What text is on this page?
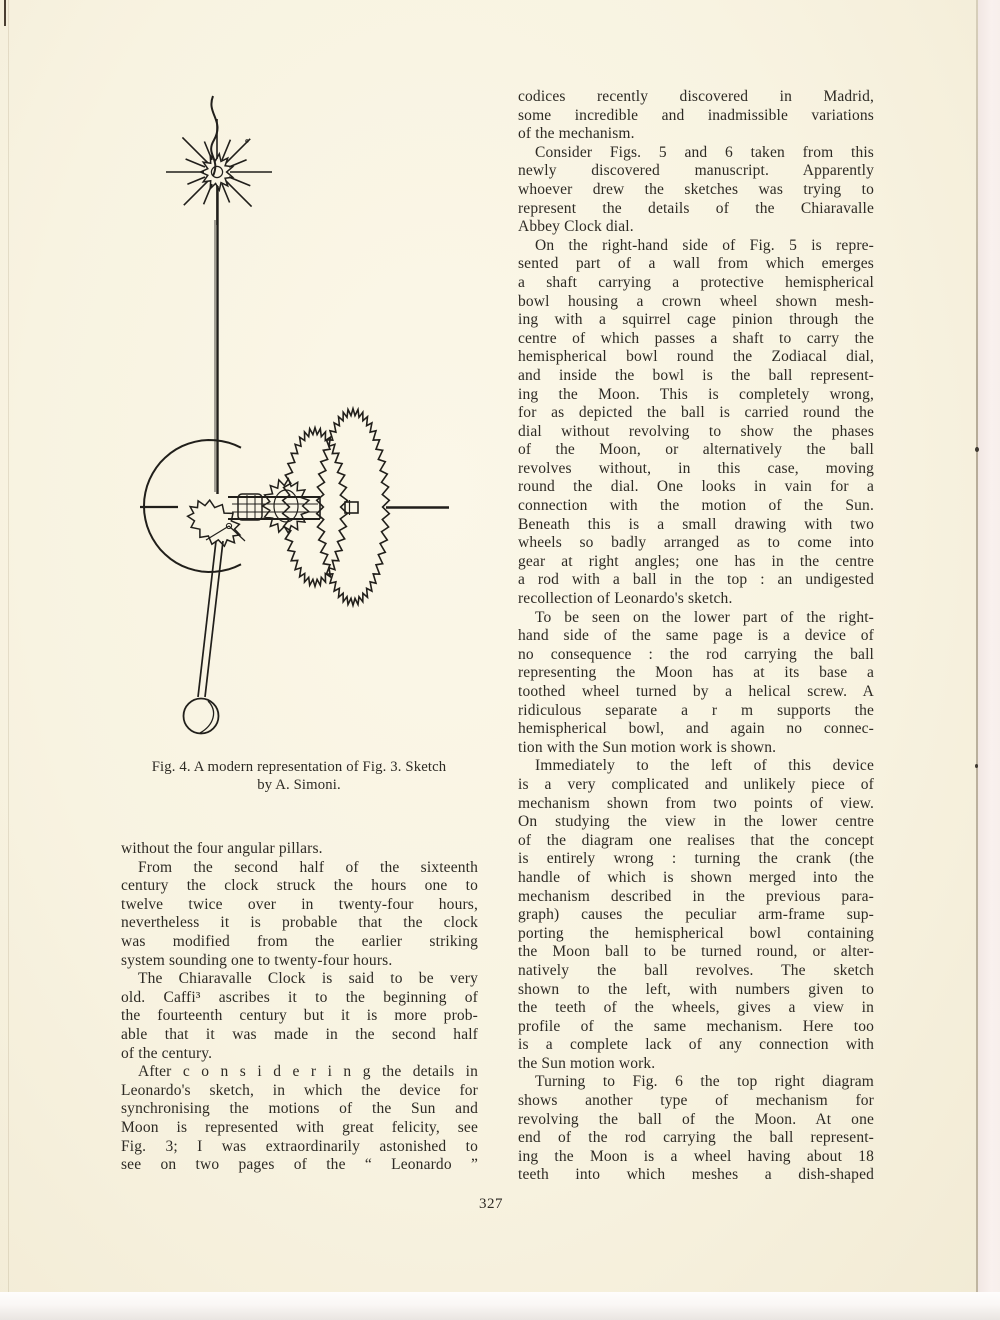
Fig. 4. A modern representation of Fig. 3. Sketch
by A. Simoni.
without the four angular pillars.
From the second half of the sixteenth
century the clock struck the hours one to
twelve twice over in twenty-four hours,
nevertheless it is probable that the clock
was modified from the earlier striking
system sounding one to twenty-four hours.
The Chiaravalle Clock is said to be very
old. Caffi³ ascribes it to the beginning of
the fourteenth century but it is more prob-
able that it was made in the second half
of the century.
After c o n s i d e r i n g the details in
Leonardo's sketch, in which the device for
synchronising the motions of the Sun and
Moon is represented with great felicity, see
Fig. 3; I was extraordinarily astonished to
see on two pages of the “ Leonardo ”
codices recently discovered in Madrid,
some incredible and inadmissible variations
of the mechanism.
Consider Figs. 5 and 6 taken from this
newly discovered manuscript. Apparently
whoever drew the sketches was trying to
represent the details of the Chiaravalle
Abbey Clock dial.
On the right-hand side of Fig. 5 is repre-
sented part of a wall from which emerges
a shaft carrying a protective hemispherical
bowl housing a crown wheel shown mesh-
ing with a squirrel cage pinion through the
centre of which passes a shaft to carry the
hemispherical bowl round the Zodiacal dial,
and inside the bowl is the ball represent-
ing the Moon. This is completely wrong,
for as depicted the ball is carried round the
dial without revolving to show the phases
of the Moon, or alternatively the ball
revolves without, in this case, moving
round the dial. One looks in vain for a
connection with the motion of the Sun.
Beneath this is a small drawing with two
wheels so badly arranged as to come into
gear at right angles; one has in the centre
a rod with a ball in the top : an undigested
recollection of Leonardo's sketch.
To be seen on the lower part of the right-
hand side of the same page is a device of
no consequence : the rod carrying the ball
representing the Moon has at its base a
toothed wheel turned by a helical screw. A
ridiculous separate a r m supports the
hemispherical bowl, and again no connec-
tion with the Sun motion work is shown.
Immediately to the left of this device
is a very complicated and unlikely piece of
mechanism shown from two points of view.
On studying the view in the lower centre
of the diagram one realises that the concept
is entirely wrong : turning the crank (the
handle of which is shown merged into the
mechanism described in the previous para-
graph) causes the peculiar arm-frame sup-
porting the hemispherical bowl containing
the Moon ball to be turned round, or alter-
natively the ball revolves. The sketch
shown to the left, with numbers given to
the teeth of the wheels, gives a view in
profile of the same mechanism. Here too
is a complete lack of any connection with
the Sun motion work.
Turning to Fig. 6 the top right diagram
shows another type of mechanism for
revolving the ball of the Moon. At one
end of the rod carrying the ball represent-
ing the Moon is a wheel having about 18
teeth into which meshes a dish-shaped
327
